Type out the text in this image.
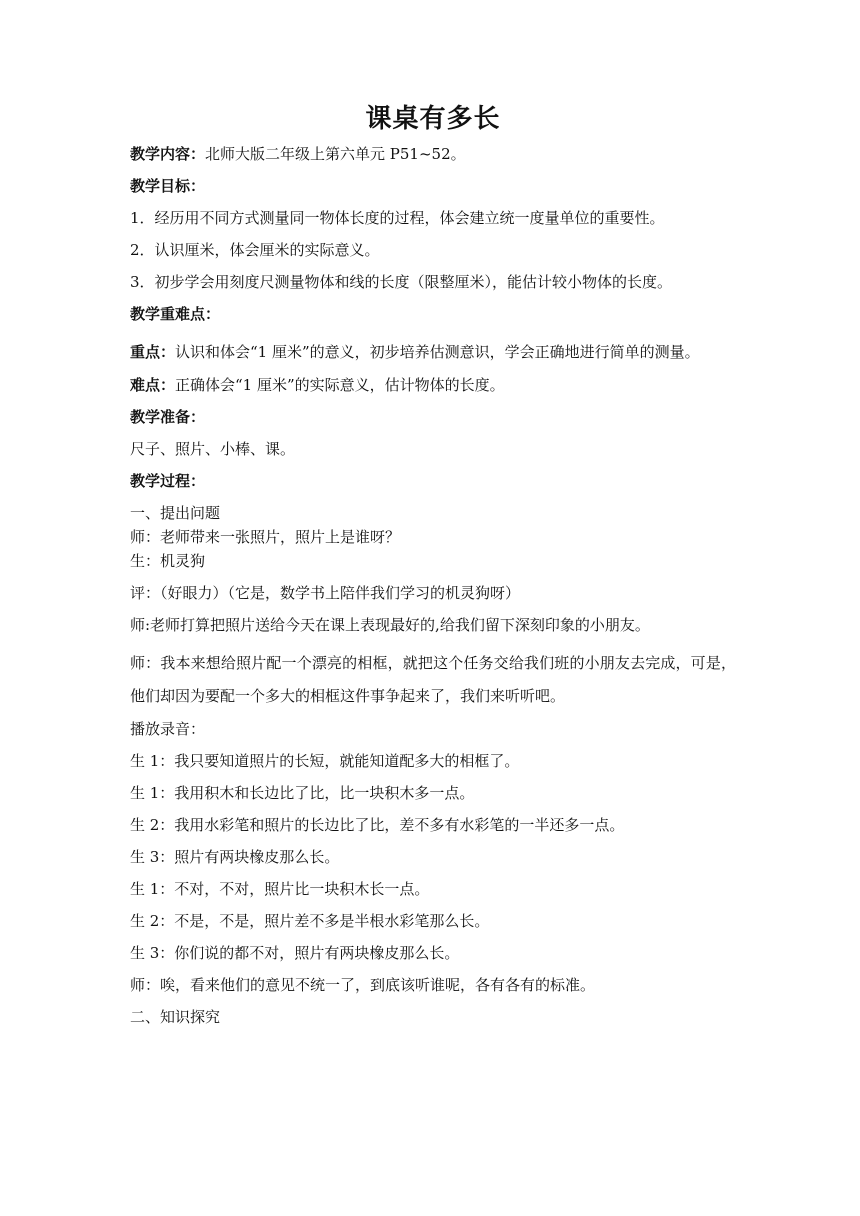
课桌有多长
教学内容：北师大版二年级上第六单元 P51~52。
教学目标：
1．经历用不同方式测量同一物体长度的过程，体会建立统一度量单位的重要性。
2．认识厘米，体会厘米的实际意义。
3．初步学会用刻度尺测量物体和线的长度（限整厘米），能估计较小物体的长度。
教学重难点：
重点：认识和体会“1 厘米”的意义，初步培养估测意识，学会正确地进行简单的测量。
难点：正确体会“1 厘米”的实际意义，估计物体的长度。
教学准备：
尺子、照片、小棒、课。
教学过程：
一、提出问题
师：老师带来一张照片，照片上是谁呀？
生：机灵狗
评：（好眼力）（它是，数学书上陪伴我们学习的机灵狗呀）
师:老师打算把照片送给今天在课上表现最好的,给我们留下深刻印象的小朋友。
师：我本来想给照片配一个漂亮的相框，就把这个任务交给我们班的小朋友去完成，可是，他们却因为要配一个多大的相框这件事争起来了，我们来听听吧。
播放录音：
生 1：我只要知道照片的长短，就能知道配多大的相框了。
生 1：我用积木和长边比了比，比一块积木多一点。
生 2：我用水彩笔和照片的长边比了比，差不多有水彩笔的一半还多一点。
生 3：照片有两块橡皮那么长。
生 1：不对，不对，照片比一块积木长一点。
生 2：不是，不是，照片差不多是半根水彩笔那么长。
生 3：你们说的都不对，照片有两块橡皮那么长。
师：唉，看来他们的意见不统一了，到底该听谁呢，各有各有的标准。
二、知识探究
